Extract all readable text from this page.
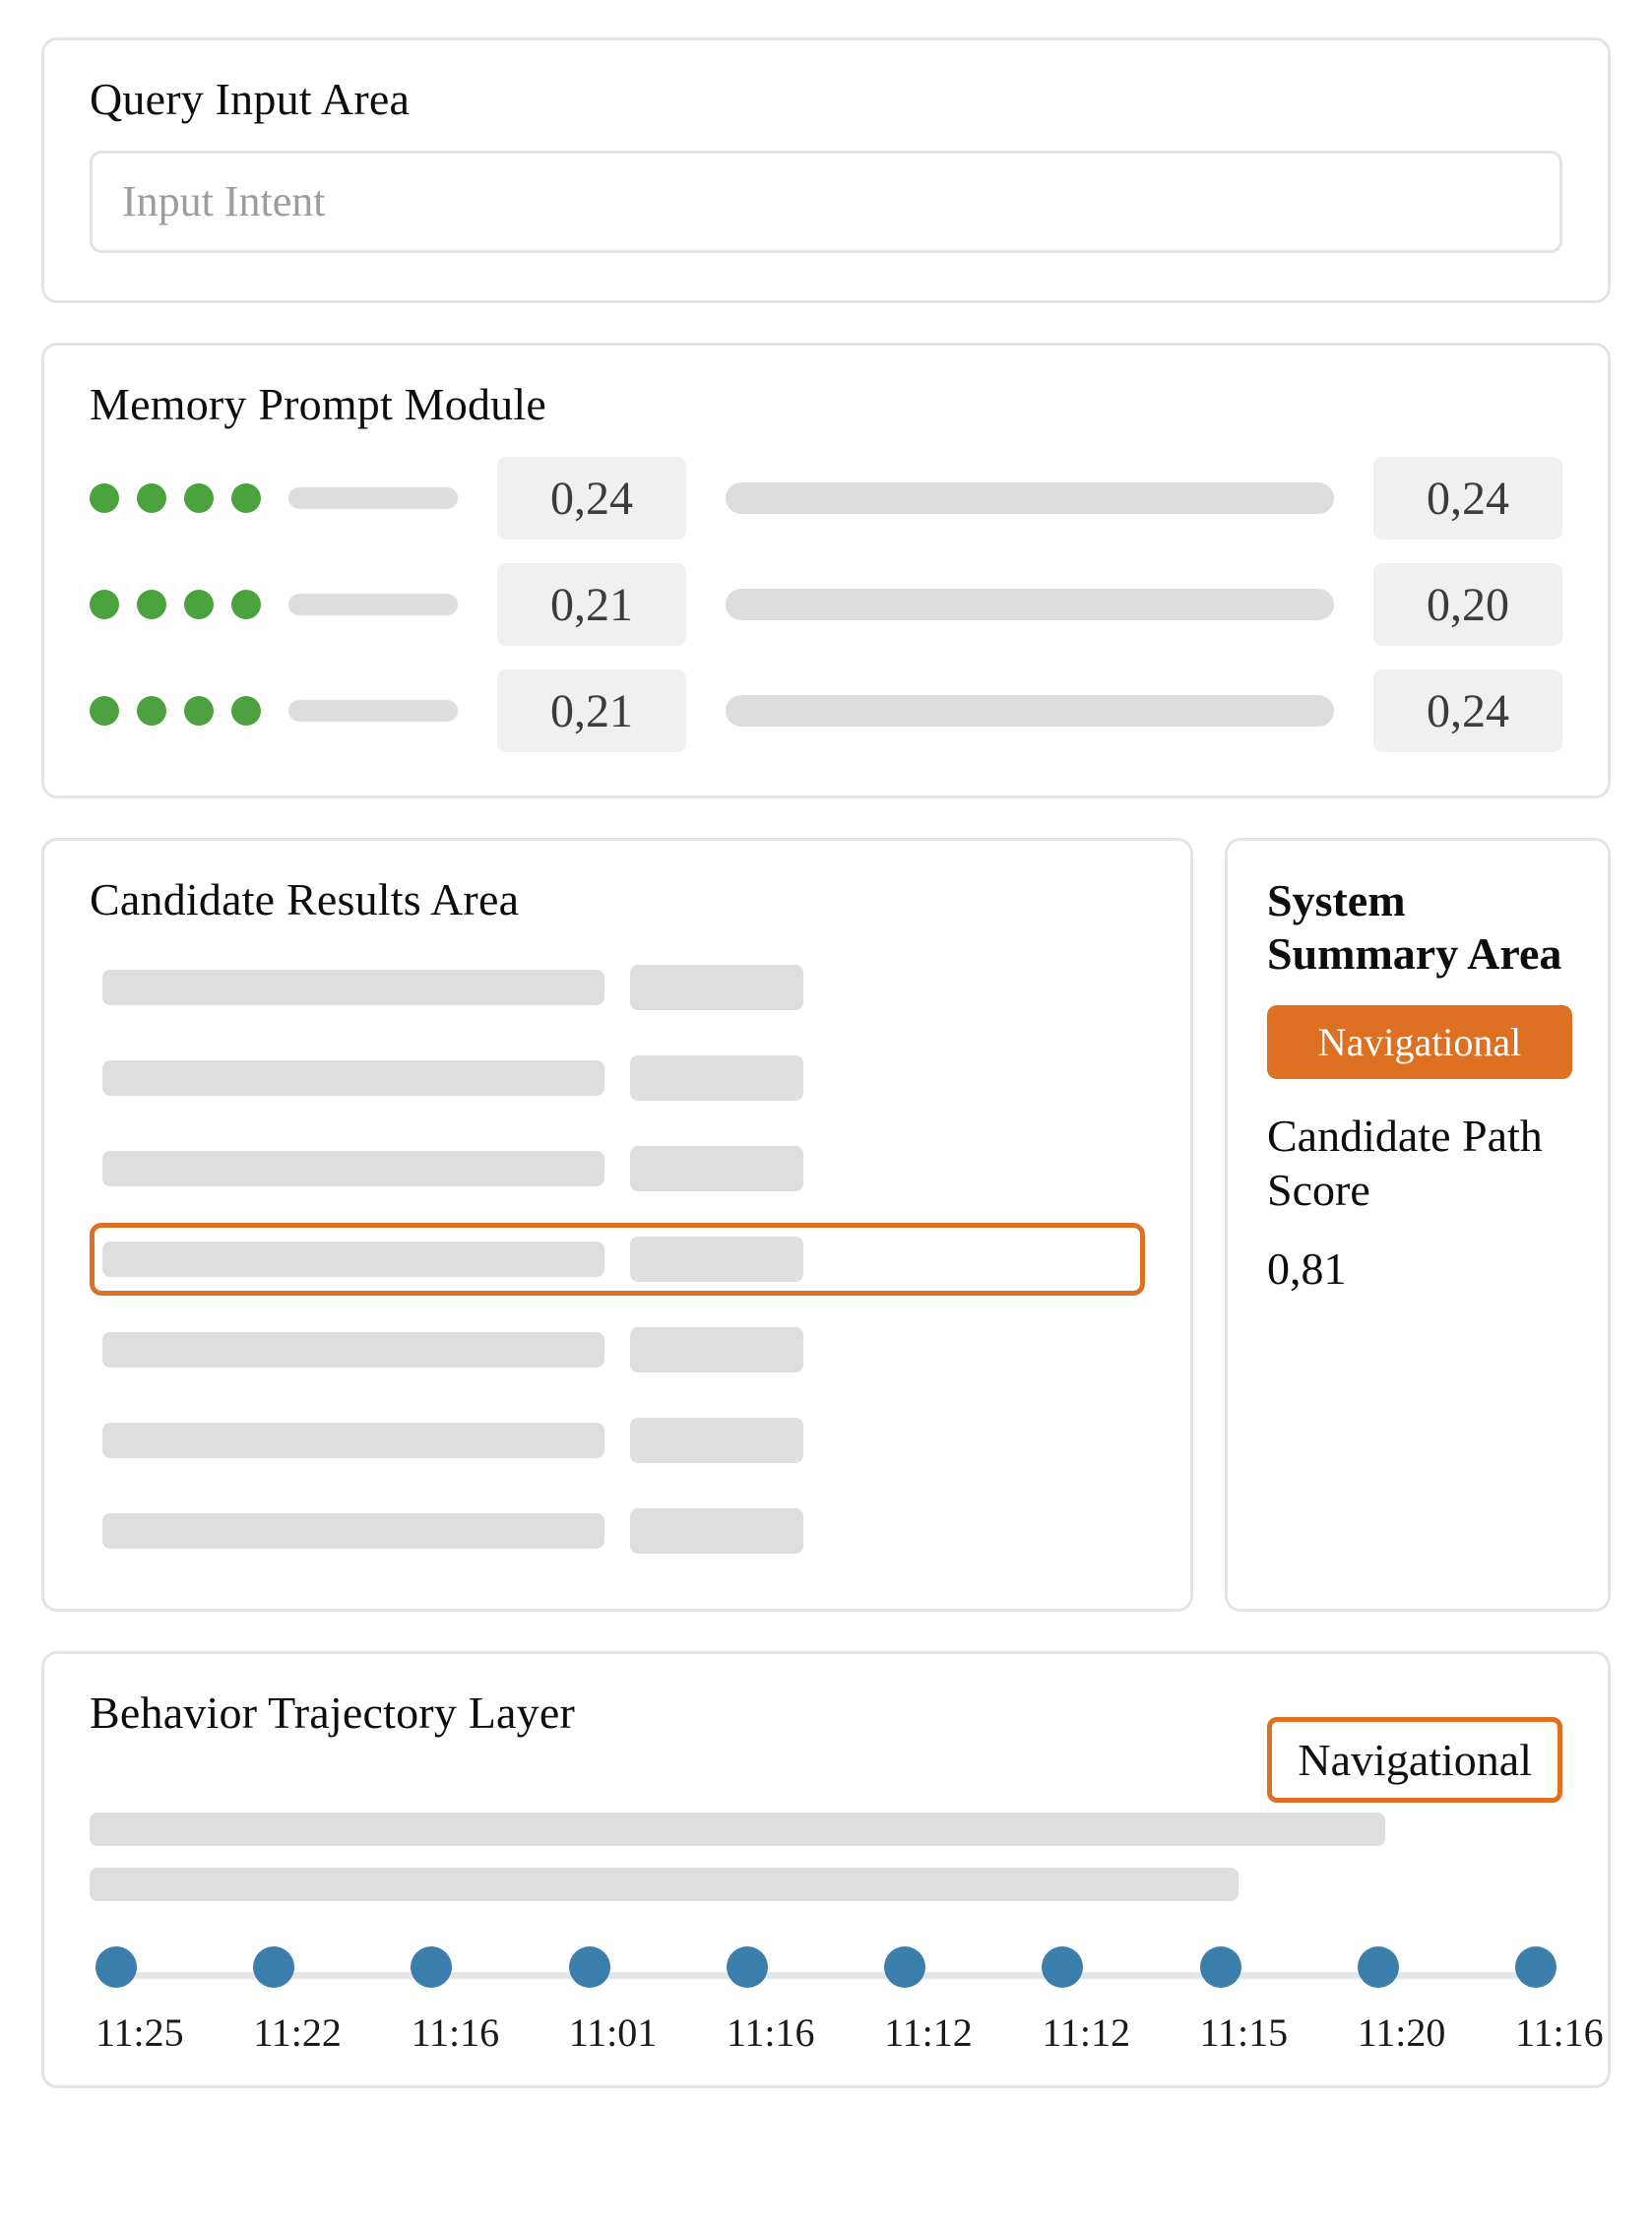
Query Input Area
Input Intent
Memory Prompt Module
0,24	0,24
0,21	0,20
0,21	0,24
Candidate Results Area	System Summary Area
Navigational
Candidate Path Score
0,81
Behavior Trajectory Layer
Navigational
11:25 11:22 11:16 11:01 11:16 11:12 11:12 11:15 11:20 11:16
